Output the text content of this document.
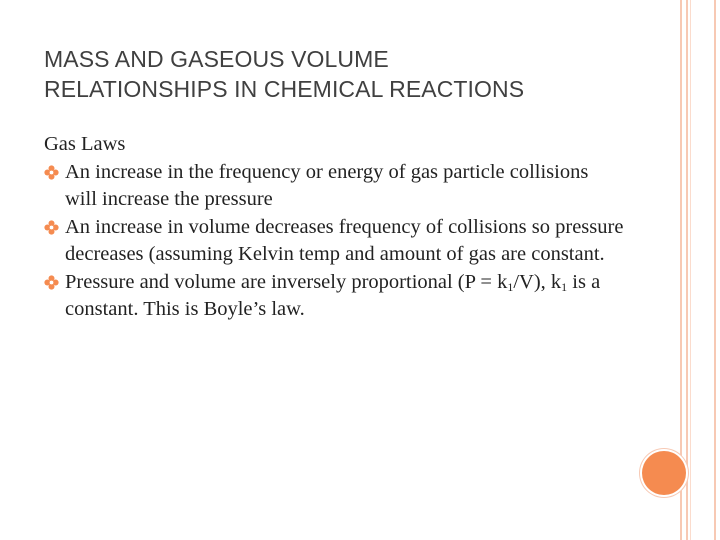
MASS AND GASEOUS VOLUME
RELATIONSHIPS IN CHEMICAL REACTIONS

Gas Laws

An increase in the frequency or energy of gas particle collisions will increase the pressure
An increase in volume decreases frequency of collisions so pressure decreases (assuming Kelvin temp and amount of gas are constant.
Pressure and volume are inversely proportional $(P = k_1/V)$, $k_1$ is a constant. This is Boyle’s law.
